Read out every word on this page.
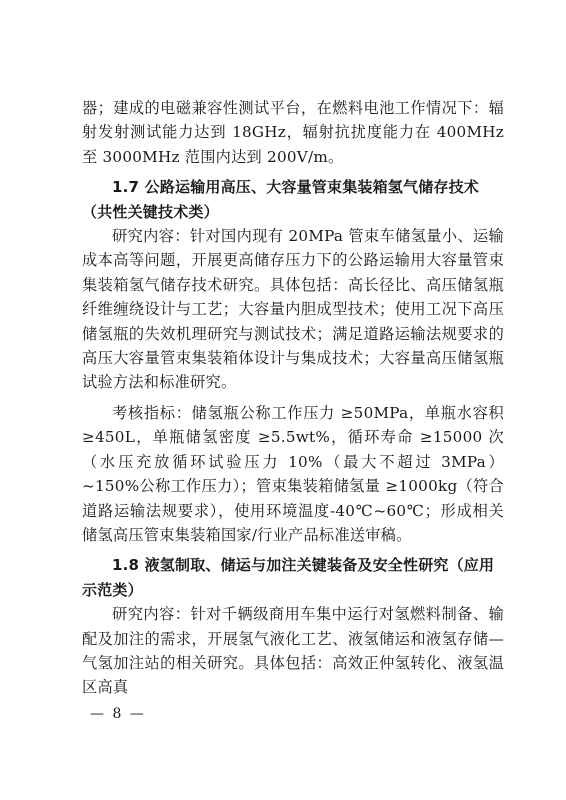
器；建成的电磁兼容性测试平台，在燃料电池工作情况下：辐射发射测试能力达到 18GHz，辐射抗扰度能力在 400MHz 至 3000MHz 范围内达到 200V/m。

1.7 公路运输用高压、大容量管束集装箱氢气储存技术（共性关键技术类）

研究内容：针对国内现有 20MPa 管束车储氢量小、运输成本高等问题，开展更高储存压力下的公路运输用大容量管束集装箱氢气储存技术研究。具体包括：高长径比、高压储氢瓶纤维缠绕设计与工艺；大容量内胆成型技术；使用工况下高压储氢瓶的失效机理研究与测试技术；满足道路运输法规要求的高压大容量管束集装箱体设计与集成技术；大容量高压储氢瓶试验方法和标准研究。

考核指标：储氢瓶公称工作压力 ≥50MPa，单瓶水容积 ≥450L，单瓶储氢密度 ≥5.5wt%，循环寿命 ≥15000 次（水压充放循环试验压力 10%（最大不超过 3MPa）~150%公称工作压力）；管束集装箱储氢量 ≥1000kg（符合道路运输法规要求），使用环境温度-40℃~60℃；形成相关储氢高压管束集装箱国家/行业产品标准送审稿。

1.8 液氢制取、储运与加注关键装备及安全性研究（应用示范类）

研究内容：针对千辆级商用车集中运行对氢燃料制备、输配及加注的需求，开展氢气液化工艺、液氢储运和液氢存储—气氢加注站的相关研究。具体包括：高效正仲氢转化、液氢温区高真

— 8 —
